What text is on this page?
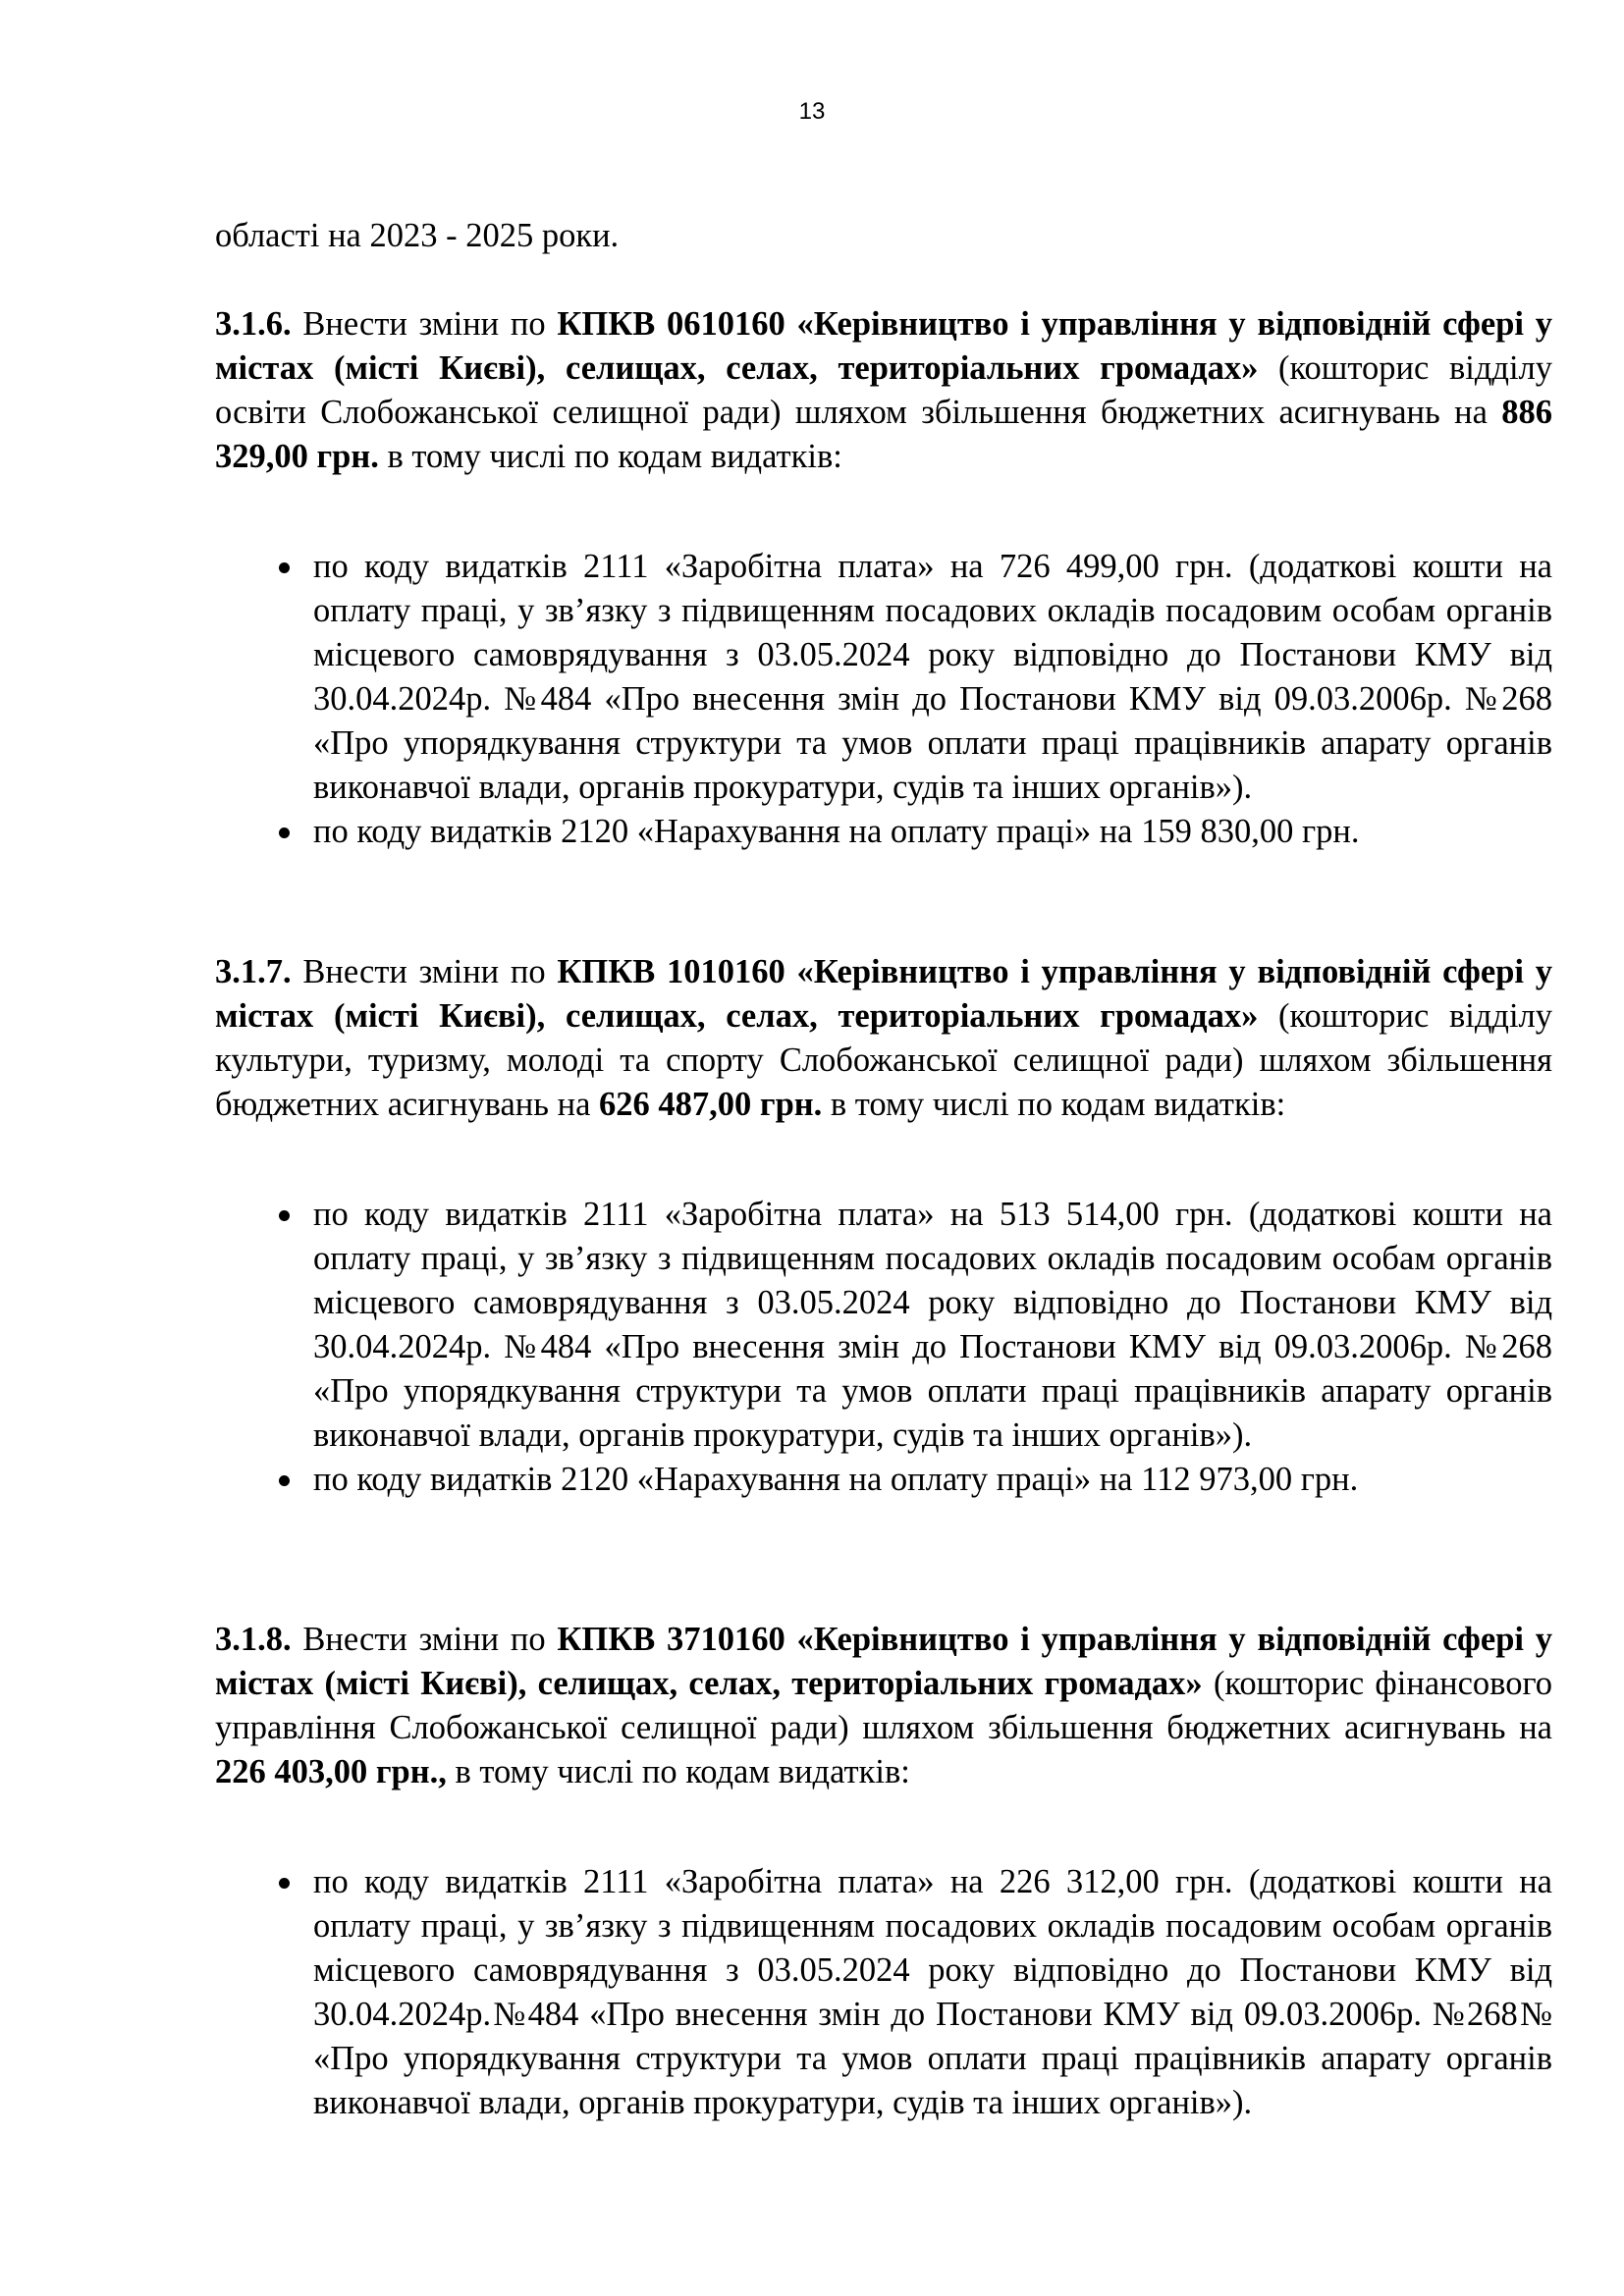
13

області на 2023 - 2025 роки.

3.1.6. Внести зміни по КПКВ 0610160 «Керівництво і управління у відповідній сфері у містах (місті Києві), селищах, селах, територіальних громадах» (кошторис відділу освіти Слобожанської селищної ради) шляхом збільшення бюджетних асигнувань на 886 329,00 грн. в тому числі по кодам видатків:

по коду видатків 2111 «Заробітна плата» на 726 499,00 грн. (додаткові кошти на оплату праці, у зв’язку з підвищенням посадових окладів посадовим особам органів місцевого самоврядування з 03.05.2024 року відповідно до Постанови КМУ від 30.04.2024р. №484 «Про внесення змін до Постанови КМУ від 09.03.2006р. №268 «Про упорядкування структури та умов оплати праці працівників апарату органів виконавчої влади, органів прокуратури, судів та інших органів»).
по коду видатків 2120 «Нарахування на оплату праці» на 159 830,00 грн.

3.1.7. Внести зміни по КПКВ 1010160 «Керівництво і управління у відповідній сфері у містах (місті Києві), селищах, селах, територіальних громадах» (кошторис відділу культури, туризму, молоді та спорту Слобожанської селищної ради) шляхом збільшення бюджетних асигнувань на 626 487,00 грн. в тому числі по кодам видатків:

по коду видатків 2111 «Заробітна плата» на 513 514,00 грн. (додаткові кошти на оплату праці, у зв’язку з підвищенням посадових окладів посадовим особам органів місцевого самоврядування з 03.05.2024 року відповідно до Постанови КМУ від 30.04.2024р. №484 «Про внесення змін до Постанови КМУ від 09.03.2006р. №268 «Про упорядкування структури та умов оплати праці працівників апарату органів виконавчої влади, органів прокуратури, судів та інших органів»).
по коду видатків 2120 «Нарахування на оплату праці» на 112 973,00 грн.

3.1.8. Внести зміни по КПКВ 3710160 «Керівництво і управління у відповідній сфері у містах (місті Києві), селищах, селах, територіальних громадах» (кошторис фінансового управління Слобожанської селищної ради) шляхом збільшення бюджетних асигнувань на 226 403,00 грн., в тому числі по кодам видатків:

по коду видатків 2111 «Заробітна плата» на 226 312,00 грн. (додаткові кошти на оплату праці, у зв’язку з підвищенням посадових окладів посадовим особам органів місцевого самоврядування з 03.05.2024 року відповідно до Постанови КМУ від 30.04.2024р.№484 «Про внесення змін до Постанови КМУ від 09.03.2006р. №268№ «Про упорядкування структури та умов оплати праці працівників апарату органів виконавчої влади, органів прокуратури, судів та інших органів»).
